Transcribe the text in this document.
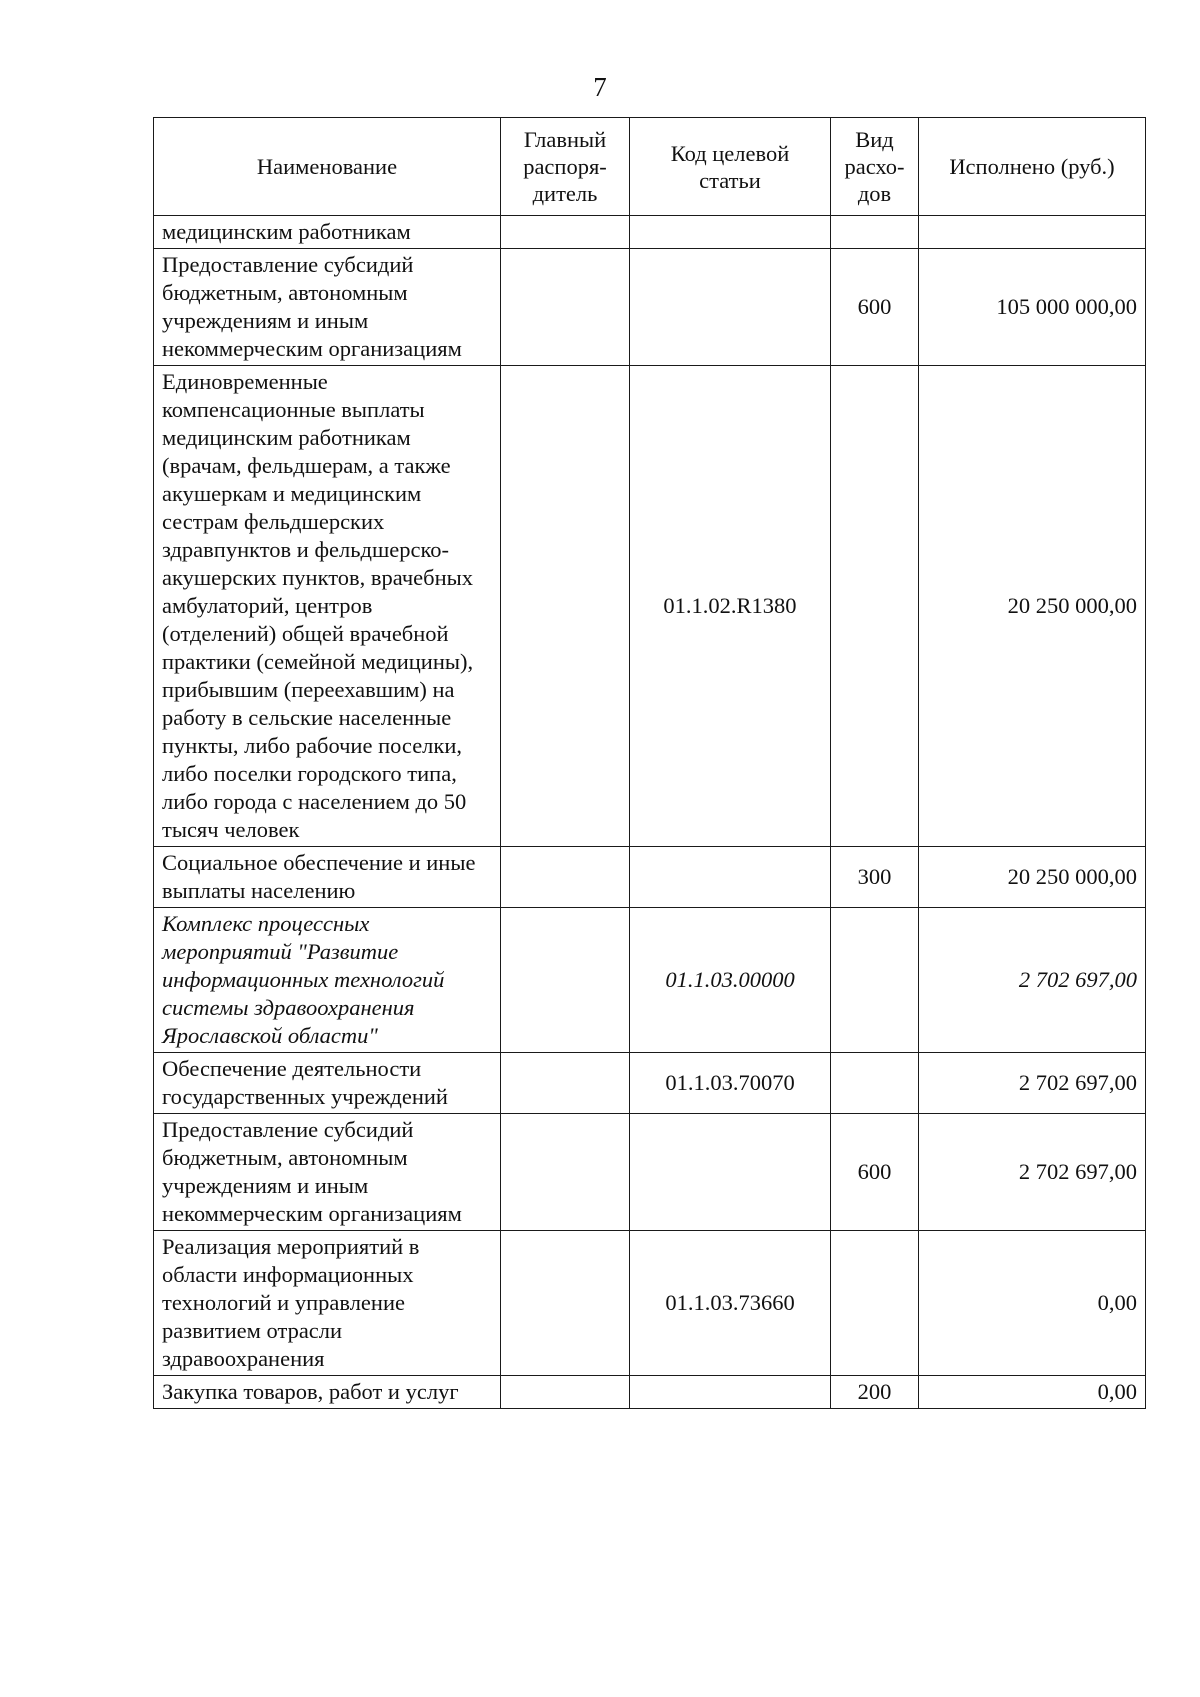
7
Наименование	Главный распоря-дитель	Код целевой статьи	Вид расхо-дов	Исполнено (руб.)
медицинским работникам				
Предоставление субсидий бюджетным, автономным учреждениям и иным некоммерческим организациям			600	105 000 000,00
Единовременные компенсационные выплаты медицинским работникам (врачам, фельдшерам, а также акушеркам и медицинским сестрам фельдшерских здравпунктов и фельдшерско-акушерских пунктов, врачебных амбулаторий, центров (отделений) общей врачебной практики (семейной медицины), прибывшим (переехавшим) на работу в сельские населенные пункты, либо рабочие поселки, либо поселки городского типа, либо города с населением до 50 тысяч человек		01.1.02.R1380		20 250 000,00
Социальное обеспечение и иные выплаты населению			300	20 250 000,00
Комплекс процессных мероприятий "Развитие информационных технологий системы здравоохранения Ярославской области"		01.1.03.00000		2 702 697,00
Обеспечение деятельности государственных учреждений		01.1.03.70070		2 702 697,00
Предоставление субсидий бюджетным, автономным учреждениям и иным некоммерческим организациям			600	2 702 697,00
Реализация мероприятий в области информационных технологий и управление развитием отрасли здравоохранения		01.1.03.73660		0,00
Закупка товаров, работ и услуг			200	0,00
